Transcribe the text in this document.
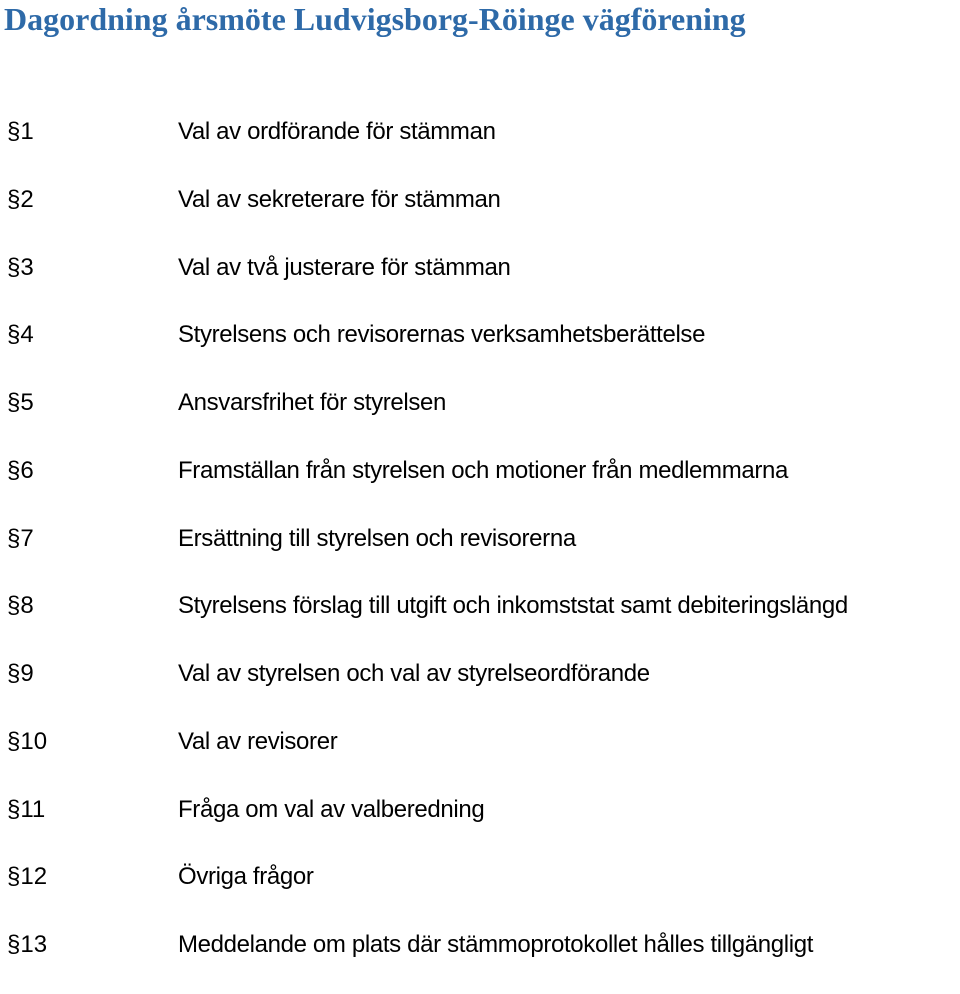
Dagordning årsmöte Ludvigsborg-Röinge vägförening
§1	Val av ordförande för stämman
§2	Val av sekreterare för stämman
§3	Val av två justerare för stämman
§4	Styrelsens och revisorernas verksamhetsberättelse
§5	Ansvarsfrihet för styrelsen
§6	Framställan från styrelsen och motioner från medlemmarna
§7	Ersättning till styrelsen och revisorerna
§8	Styrelsens förslag till utgift och inkomststat samt debiteringslängd
§9	Val av styrelsen och val av styrelseordförande
§10	Val av revisorer
§11	Fråga om val av valberedning
§12	Övriga frågor
§13	Meddelande om plats där stämmoprotokollet hålles tillgängligt
